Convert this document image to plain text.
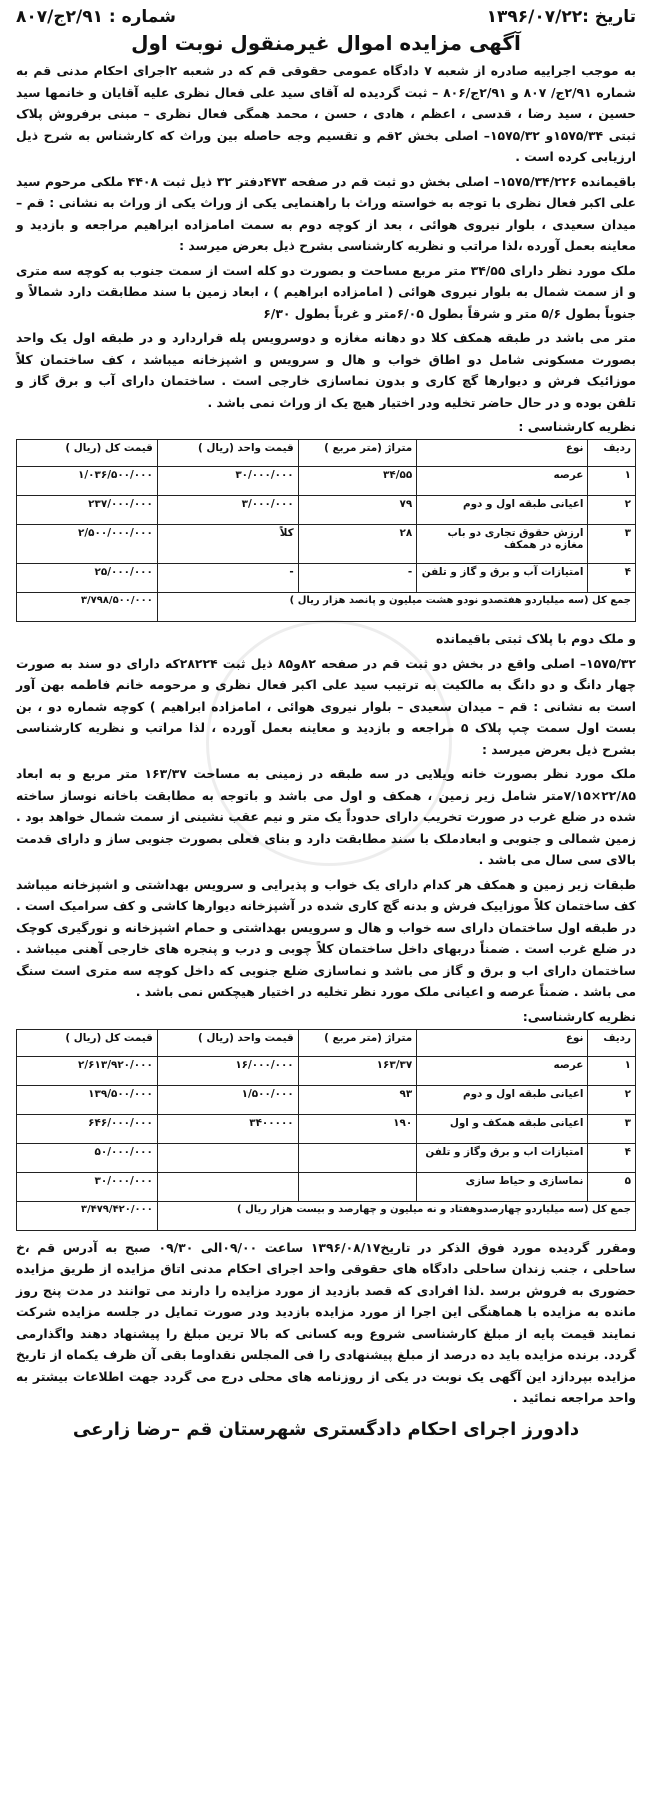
تاریخ :۱۳۹۶/۰۷/۲۲
شماره : ۲/۹۱ج/۸۰۷
آگهی مزایده اموال غیرمنقول نوبت اول

به موجب اجراییه صادره از شعبه ۷ دادگاه عمومی حقوقی قم که در شعبه ۲اجرای احکام مدنی قم به شماره ۲/۹۱ج/ ۸۰۷ و ۲/۹۱ج/۸۰۶ – ثبت گردیده له آقای سید علی فعال نظری علیه آقایان و خانمها سید حسین ، سید رضا ، قدسی ، اعظم ، هادی ، حسن ، محمد همگی فعال نظری – مبنی برفروش پلاک ثبتی ۱۵۷۵/۳۴و ۱۵۷۵/۳۲– اصلی بخش ۲قم و تقسیم وجه حاصله بین وراث که کارشناس به شرح ذیل ارزیابی کرده است .

باقیمانده ۱۵۷۵/۳۴/۲۲۶– اصلی بخش دو ثبت قم در صفحه ۴۷۳دفتر ۳۲ ذیل ثبت ۴۴۰۸ ملکی مرحوم سید علی اکبر فعال نظری با توجه به خواسته وراث با راهنمایی یکی از وراث یکی از وراث به نشانی : قم – میدان سعیدی ، بلوار نیروی هوائی ، بعد از کوچه دوم به سمت امامزاده ابراهیم مراجعه و بازدید و معاینه بعمل آورده ،لذا مراتب و نظریه کارشناسی بشرح ذیل بعرض میرسد :

ملک مورد نظر دارای ۳۴/۵۵ متر مربع مساحت و بصورت دو کله است از سمت جنوب به کوچه سه متری و از سمت شمال به بلوار نیروی هوائی ( امامزاده ابراهیم ) ، ابعاد زمین با سند مطابقت دارد شمالاً و جنوباً بطول ۵/۶ متر و شرقاً بطول ۶/۰۵متر و غرباً بطول ۶/۳۰

متر می باشد در طبقه همکف کلا دو دهانه مغازه و دوسرویس پله قراردارد و در طبقه اول یک واحد بصورت مسکونی شامل دو اطاق خواب و هال و سرویس و اشپزخانه میباشد ، کف ساختمان کلاً موزائیک فرش و دیوارها گچ کاری و بدون نماسازی خارجی است . ساختمان دارای آب و برق گاز و تلفن بوده و در حال حاضر تخلیه ودر اختیار هیچ یک از وراث نمی باشد .

نظریه کارشناسی :
ردیف	نوع	متراژ (متر مربع )	قیمت واحد (ریال )	قیمت کل (ریال )
۱	عرصه	۳۴/۵۵	۳۰/۰۰۰/۰۰۰	۱/۰۳۶/۵۰۰/۰۰۰
۲	اعیانی طبقه اول و دوم	۷۹	۳/۰۰۰/۰۰۰	۲۳۷/۰۰۰/۰۰۰
۳	ارزش حقوق تجاری دو باب مغازه در همکف	۲۸	کلاً	۲/۵۰۰/۰۰۰/۰۰۰
۴	امتیازات آب و برق و گاز و تلفن	-	-	۲۵/۰۰۰/۰۰۰
جمع کل (سه میلیاردو هفتصدو نودو هشت میلیون و پانصد هزار ریال )				۳/۷۹۸/۵۰۰/۰۰۰

و ملک دوم با پلاک ثبتی باقیمانده

۱۵۷۵/۳۲– اصلی واقع در بخش دو ثبت قم در صفحه ۸۲و۸۵ ذیل ثبت ۲۸۲۲۴که دارای دو سند به صورت چهار دانگ و دو دانگ به مالکیت به ترتیب سید علی اکبر فعال نظری و مرحومه خانم فاطمه بهن آور است به نشانی : قم – میدان سعیدی – بلوار نیروی هوائی ، امامزاده ابراهیم ) کوچه شماره دو ، بن بست اول سمت چپ پلاک ۵ مراجعه و بازدید و معاینه بعمل آورده ، لذا مراتب و نظریه کارشناسی بشرح ذیل بعرض میرسد :

ملک مورد نظر بصورت خانه ویلایی در سه طبقه در زمینی به مساحت ۱۶۳/۳۷ متر مربع و به ابعاد ۲۲/۸۵×۷/۱۵متر شامل زیر زمین ، همکف و اول می باشد و باتوجه به مطابقت باخانه نوساز ساخته شده در ضلع غرب در صورت تخریب دارای حدوداً یک متر و نیم عقب نشینی از سمت شمال خواهد بود . زمین شمالی و جنوبی و ابعادملک با سند مطابقت دارد و بنای فعلی بصورت جنوبی ساز و دارای قدمت بالای سی سال می باشد .

طبقات زیر زمین و همکف هر کدام دارای یک خواب و پذیرایی و سرویس بهداشتی و اشپزخانه میباشد کف ساختمان کلاً موزاییک فرش و بدنه گچ کاری شده در آشپزخانه دیوارها کاشی و کف سرامیک است . در طبقه اول ساختمان دارای سه خواب و هال و سرویس بهداشتی و حمام اشپزخانه و نورگیری کوچک در ضلع غرب است . ضمناً دربهای داخل ساختمان کلاً چوبی و درب و پنجره های خارجی آهنی میباشد . ساختمان دارای اب و برق و گاز می باشد و نماسازی ضلع جنوبی که داخل کوچه سه متری است سنگ می باشد . ضمناً عرصه و اعیانی ملک مورد نظر تخلیه در اختیار هیچکس نمی باشد .

نظریه کارشناسی:
ردیف	نوع	متراژ (متر مربع )	قیمت واحد (ریال )	قیمت کل (ریال )
۱	عرصه	۱۶۳/۳۷	۱۶/۰۰۰/۰۰۰	۲/۶۱۳/۹۲۰/۰۰۰
۲	اعیانی طبقه اول و دوم	۹۳	۱/۵۰۰/۰۰۰	۱۳۹/۵۰۰/۰۰۰
۳	اعیانی طبقه همکف و اول	۱۹۰	۳۴۰۰۰۰۰	۶۴۶/۰۰۰/۰۰۰
۴	امتیازات اب و برق وگاز و تلفن			۵۰/۰۰۰/۰۰۰
۵	نماسازی و حیاط سازی			۳۰/۰۰۰/۰۰۰
جمع کل (سه میلیاردو چهارصدوهفتاد و نه میلیون و چهارصد و بیست هزار ریال )				۳/۴۷۹/۴۲۰/۰۰۰

ومقرر گردیده مورد فوق الذکر در تاریخ۱۳۹۶/۰۸/۱۷ ساعت ۰۹/۰۰الی ۰۹/۳۰ صبح به آدرس قم ،خ ساحلی ، جنب زندان ساحلی دادگاه های حقوقی واحد اجرای احکام مدنی اتاق مزایده از طریق مزایده حضوری به فروش برسد .لذا افرادی که قصد بازدید از مورد مزایده را دارند می توانند در مدت پنج روز مانده به مزایده با هماهنگی این اجرا از مورد مزایده بازدید ودر صورت تمایل در جلسه مزایده شرکت نمایند قیمت پایه از مبلغ کارشناسی شروع وبه کسانی که بالا ترین مبلغ را پیشنهاد دهند واگذارمی گردد. برنده مزایده باید ده درصد از مبلغ پیشنهادی را فی المجلس نقداوما بقی آن ظرف یکماه از تاریخ مزایده بپردازد این آگهی یک نوبت در یکی از روزنامه های محلی درج می گردد جهت اطلاعات بیشتر به واحد مراجعه نمائید .

دادورز اجرای احکام دادگستری شهرستان قم –رضا زارعی
